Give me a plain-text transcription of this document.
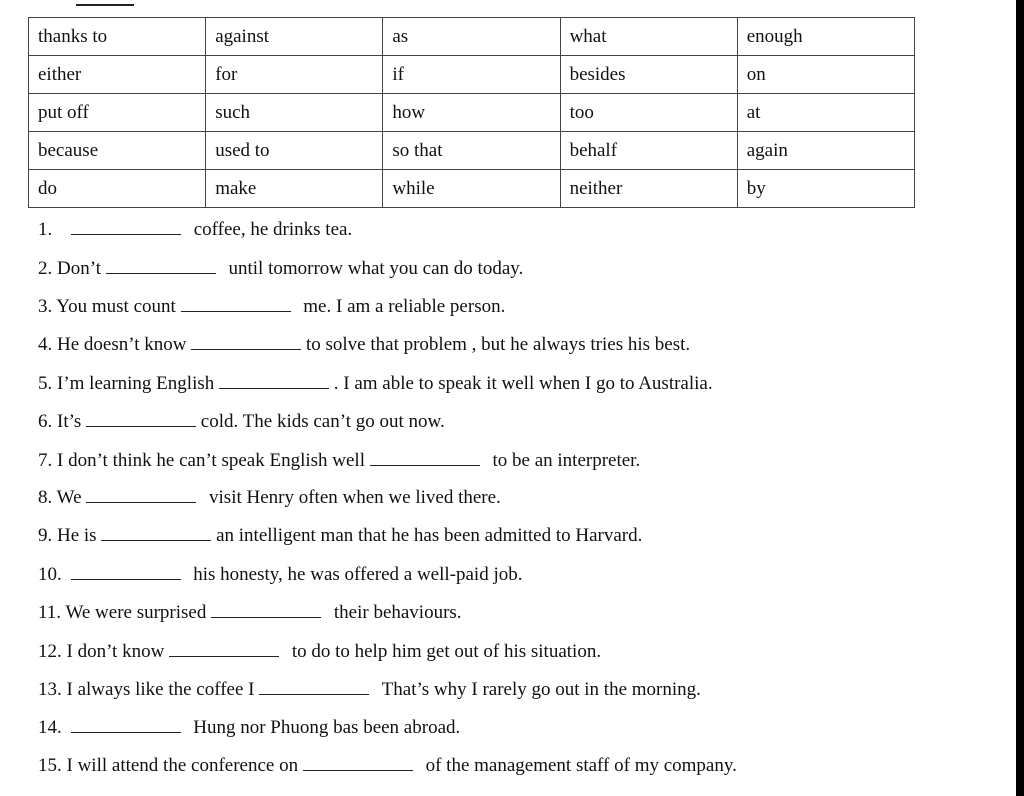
thanks to	against	as	what	enough
either	for	if	besides	on
put off	such	how	too	at
because	used to	so that	behalf	again
do	make	while	neither	by
1.	coffee, he drinks tea.
2. Don’t	until tomorrow what you can do today.
3. You must count	me. I am a reliable person.
4. He doesn’t know	to solve that problem , but he always tries his best.
5. I’m learning English	. I am able to speak it well when I go to Australia.
6. It’s	cold. The kids can’t go out now.
7. I don’t think he can’t speak English well	to be an interpreter.
8. We	visit Henry often when we lived there.
9. He is	an intelligent man that he has been admitted to Harvard.
10.	his honesty, he was offered a well-paid job.
11. We were surprised	their behaviours.
12. I don’t know	to do to help him get out of his situation.
13. I always like the coffee I	That’s why I rarely go out in the morning.
14.	Hung nor Phuong bas been abroad.
15. I will attend the conference on	of the management staff of my company.
